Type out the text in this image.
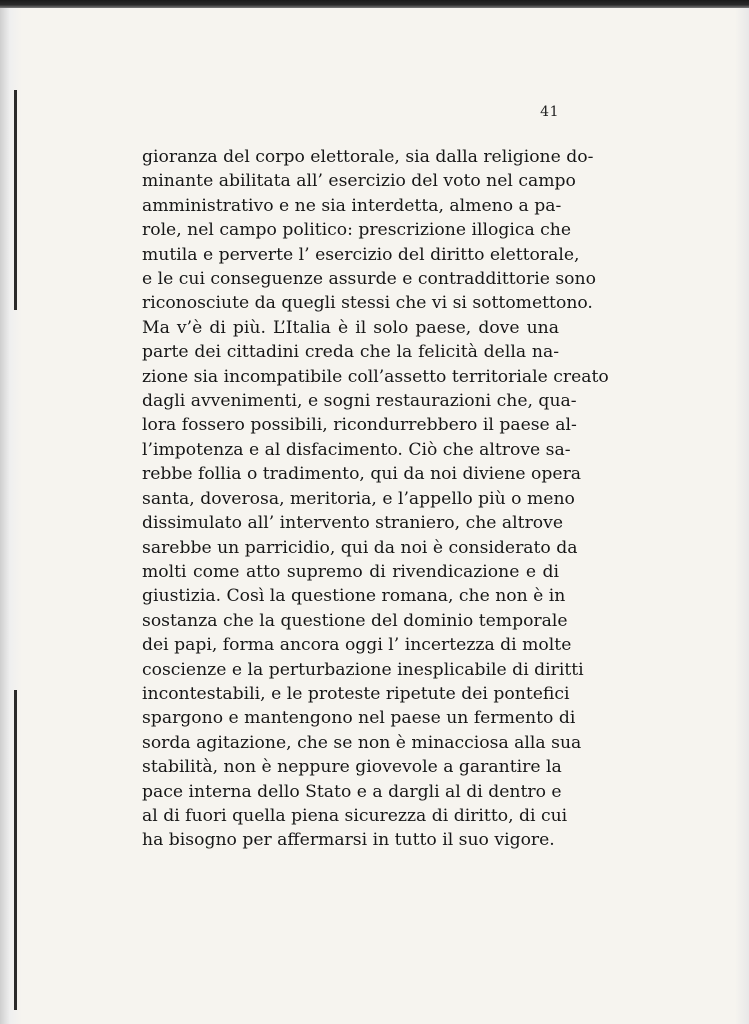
41
gioranza del corpo elettorale, sia dalla religione do-
minante abilitata all’ esercizio del voto nel campo
amministrativo e ne sia interdetta, almeno a pa-
role, nel campo politico: prescrizione illogica che
mutila e perverte l’ esercizio del diritto elettorale,
e le cui conseguenze assurde e contraddittorie sono
riconosciute da quegli stessi che vi si sottomettono.
Ma v’è di più. L’Italia è il solo paese, dove una
parte dei cittadini creda che la felicità della na-
zione sia incompatibile coll’assetto territoriale creato
dagli avvenimenti, e sogni restaurazioni che, qua-
lora fossero possibili, ricondurrebbero il paese al-
l’impotenza e al disfacimento. Ciò che altrove sa-
rebbe follia o tradimento, qui da noi diviene opera
santa, doverosa, meritoria, e l’appello più o meno
dissimulato all’ intervento straniero, che altrove
sarebbe un parricidio, qui da noi è considerato da
molti come atto supremo di rivendicazione e di
giustizia. Così la questione romana, che non è in
sostanza che la questione del dominio temporale
dei papi, forma ancora oggi l’ incertezza di molte
coscienze e la perturbazione inesplicabile di diritti
incontestabili, e le proteste ripetute dei pontefici
spargono e mantengono nel paese un fermento di
sorda agitazione, che se non è minacciosa alla sua
stabilità, non è neppure giovevole a garantire la
pace interna dello Stato e a dargli al di dentro e
al di fuori quella piena sicurezza di diritto, di cui
ha bisogno per affermarsi in tutto il suo vigore.
